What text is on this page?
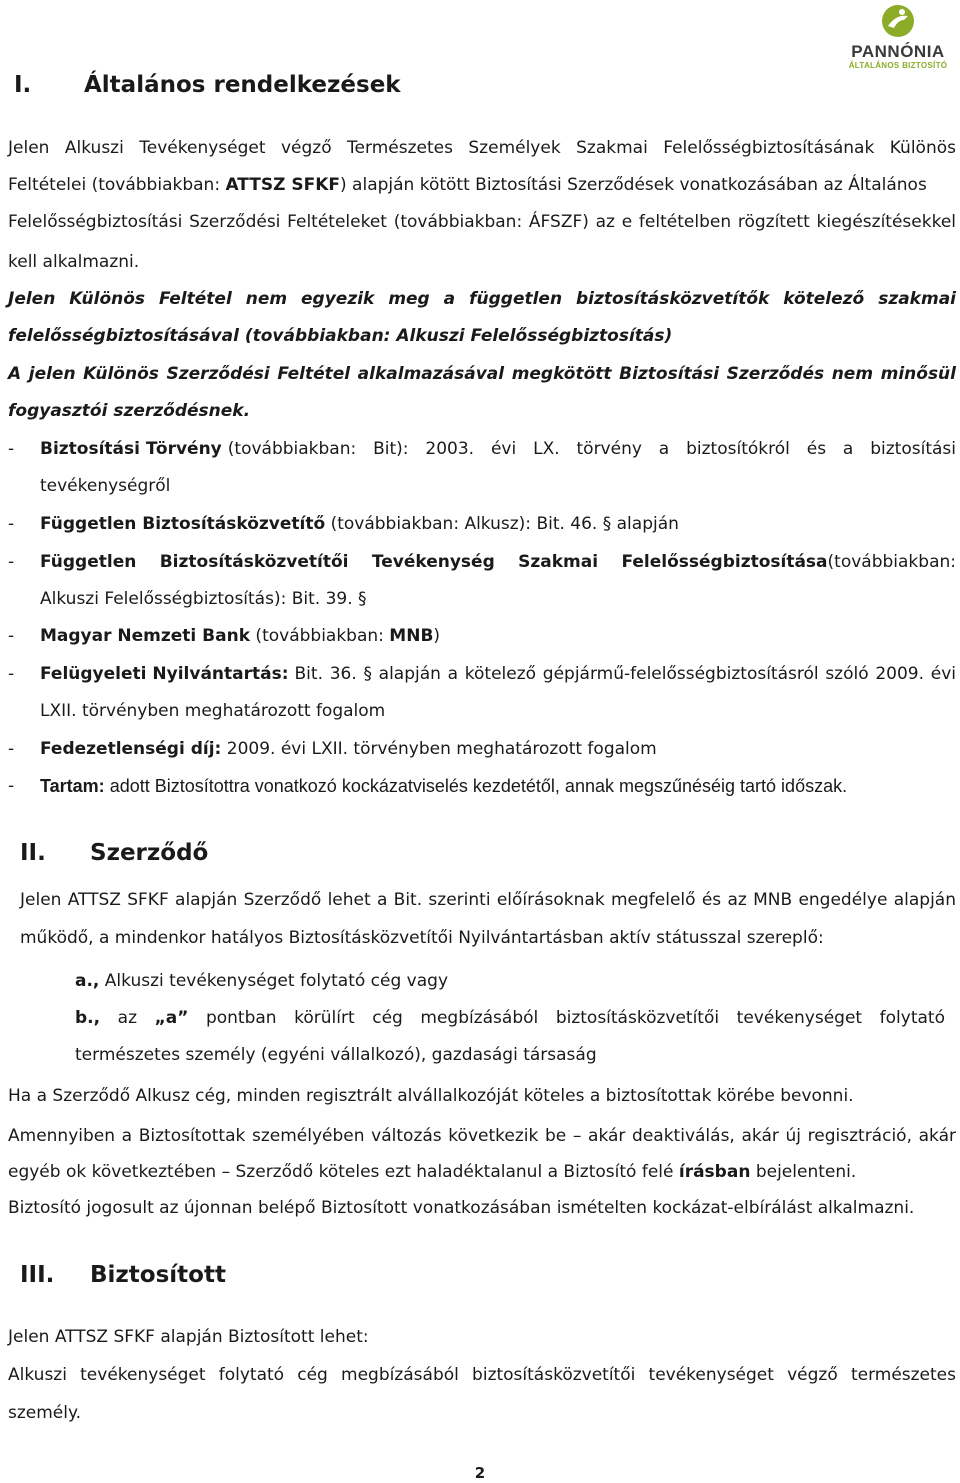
PANNÓNIA
ÁLTALÁNOS BIZTOSÍTÓ
I. Általános rendelkezések
Jelen Alkuszi Tevékenységet végző Természetes Személyek Szakmai Felelősségbiztosításának Különös
Feltételei (továbbiakban: ATTSZ SFKF) alapján kötött Biztosítási Szerződések vonatkozásában az Általános
Felelősségbiztosítási Szerződési Feltételeket (továbbiakban: ÁFSZF) az e feltételben rögzített kiegészítésekkel
kell alkalmazni.
Jelen Különös Feltétel nem egyezik meg a független biztosításközvetítők kötelező szakmai
felelősségbiztosításával (továbbiakban: Alkuszi Felelősségbiztosítás)
A jelen Különös Szerződési Feltétel alkalmazásával megkötött Biztosítási Szerződés nem minősül
fogyasztói szerződésnek.
- Biztosítási Törvény (továbbiakban: Bit): 2003. évi LX. törvény a biztosítókról és a biztosítási
tevékenységről
- Független Biztosításközvetítő (továbbiakban: Alkusz): Bit. 46. § alapján
- Független Biztosításközvetítői Tevékenység Szakmai Felelősségbiztosítása (továbbiakban:
Alkuszi Felelősségbiztosítás): Bit. 39. §
- Magyar Nemzeti Bank (továbbiakban: MNB)
- Felügyeleti Nyilvántartás: Bit. 36. § alapján a kötelező gépjármű-felelősségbiztosításról szóló 2009. évi
LXII. törvényben meghatározott fogalom
- Fedezetlenségi díj: 2009. évi LXII. törvényben meghatározott fogalom
- Tartam: adott Biztosítottra vonatkozó kockázatviselés kezdetétől, annak megszűnéséig tartó időszak.
II. Szerződő
Jelen ATTSZ SFKF alapján Szerződő lehet a Bit. szerinti előírásoknak megfelelő és az MNB engedélye alapján
működő, a mindenkor hatályos Biztosításközvetítői Nyilvántartásban aktív státusszal szereplő:
a., Alkuszi tevékenységet folytató cég vagy
b., az „a” pontban körülírt cég megbízásából biztosításközvetítői tevékenységet folytató
természetes személy (egyéni vállalkozó), gazdasági társaság
Ha a Szerződő Alkusz cég, minden regisztrált alvállalkozóját köteles a biztosítottak körébe bevonni.
Amennyiben a Biztosítottak személyében változás következik be – akár deaktiválás, akár új regisztráció, akár
egyéb ok következtében – Szerződő köteles ezt haladéktalanul a Biztosító felé írásban bejelenteni.
Biztosító jogosult az újonnan belépő Biztosított vonatkozásában ismételten kockázat-elbírálást alkalmazni.
III. Biztosított
Jelen ATTSZ SFKF alapján Biztosított lehet:
Alkuszi tevékenységet folytató cég megbízásából biztosításközvetítői tevékenységet végző természetes
személy.
2
